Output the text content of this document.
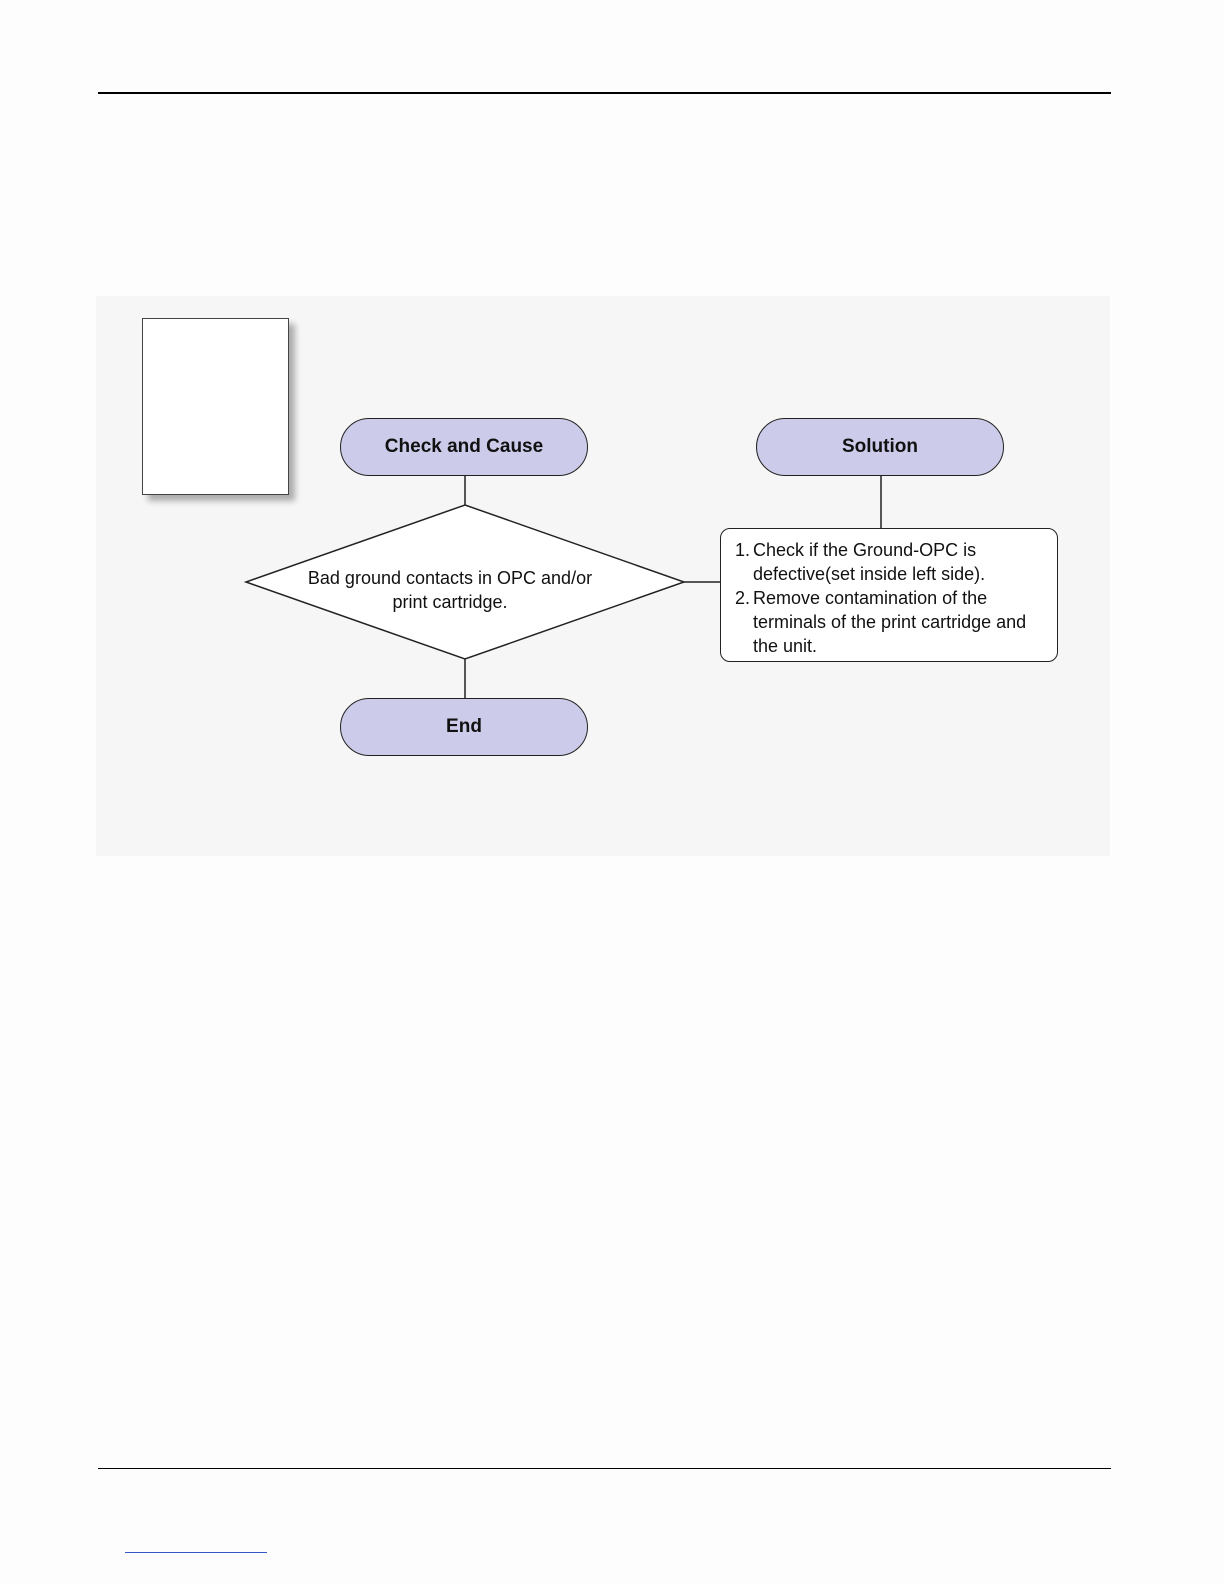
Check and Cause	Solution
End
Bad ground contacts in OPC and/or print cartridge.
1. Check if the Ground-OPC is defective(set inside left side).
2. Remove contamination of the terminals of the print cartridge and the unit.
